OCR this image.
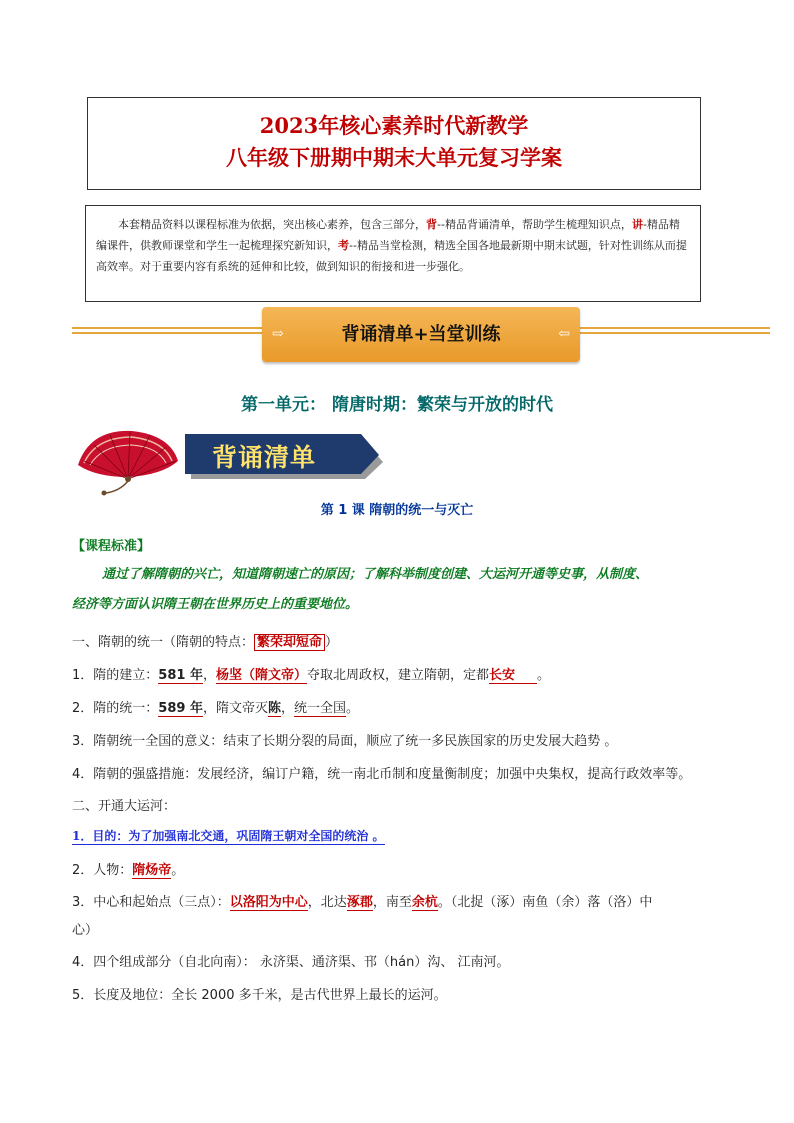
2023年核心素养时代新教学
八年级下册期中期末大单元复习学案

本套精品资料以课程标准为依据，突出核心素养，包含三部分，背--精品背诵清单，帮助学生梳理知识点，讲-精品精编课件，供教师课堂和学生一起梳理探究新知识，考--精品当堂检测，精选全国各地最新期中期末试题，针对性训练从而提高效率。对于重要内容有系统的延伸和比较，做到知识的衔接和进一步强化。

⇨	背诵清单+当堂训练	⇦
第一单元： 隋唐时期：繁荣与开放的时代
背诵清单
第 1 课 隋朝的统一与灭亡
【课程标准】
通过了解隋朝的兴亡，知道隋朝速亡的原因；了解科举制度创建、大运河开通等史事，从制度、
经济等方面认识隋王朝在世界历史上的重要地位。
一、隋朝的统一（隋朝的特点： 繁荣却短命 ）
1．隋的建立：581 年，杨坚（隋文帝）夺取北周政权，建立隋朝，定都长安 。
2．隋的统一：589 年，隋文帝灭陈，统一全国。
3．隋朝统一全国的意义：结束了长期分裂的局面，顺应了统一多民族国家的历史发展大趋势 。
4．隋朝的强盛措施：发展经济，编订户籍，统一南北币制和度量衡制度；加强中央集权，提高行政效率等。
二、开通大运河：
1．目的：为了加强南北交通，巩固隋王朝对全国的统治 。
2．人物：隋炀帝。
3．中心和起始点（三点）：以洛阳为中心，北达涿郡，南至余杭。（北捉（涿）南鱼（余）落（洛）中
心）
4．四个组成部分（自北向南）： 永济渠、通济渠、邗（hán）沟、 江南河。
5．长度及地位：全长 2000 多千米，是古代世界上最长的运河。
